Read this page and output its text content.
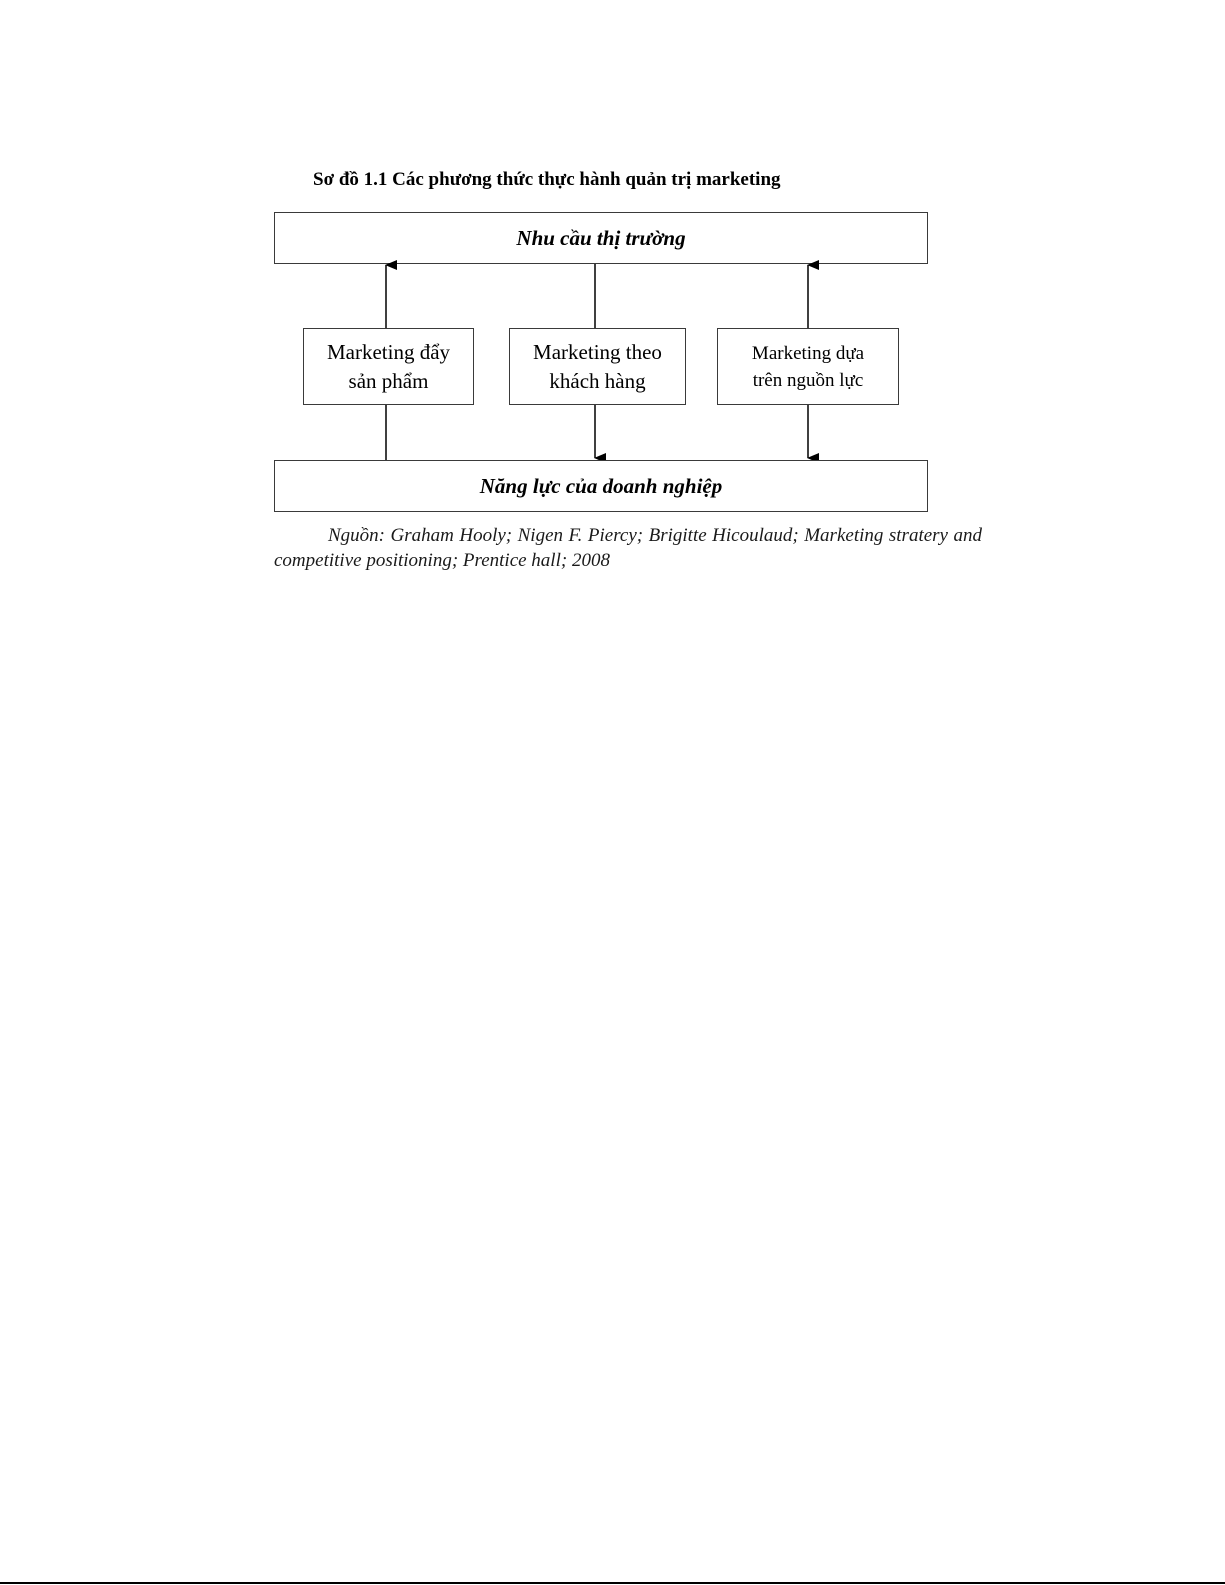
Sơ đồ 1.1 Các phương thức thực hành quản trị marketing
Nhu cầu thị trường
Marketing đẩy
sản phẩm
Marketing theo
khách hàng
Marketing dựa
trên nguồn lực
Năng lực của doanh nghiệp
Nguồn: Graham Hooly; Nigen F. Piercy; Brigitte Hicoulaud; Marketing stratery and competitive positioning; Prentice hall; 2008
